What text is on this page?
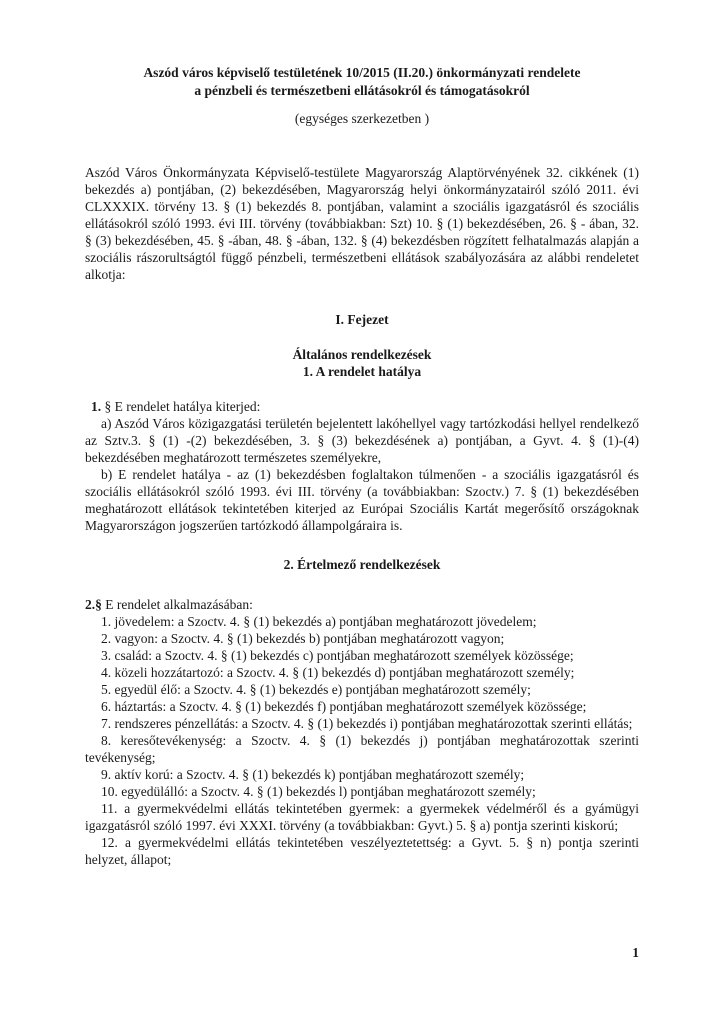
Aszód város képviselő testületének 10/2015 (II.20.) önkormányzati rendelete
a pénzbeli és természetbeni ellátásokról és támogatásokról
(egységes szerkezetben )

Aszód Város Önkormányzata Képviselő-testülete Magyarország Alaptörvényének 32. cikkének (1) bekezdés a) pontjában, (2) bekezdésében, Magyarország helyi önkormányzatairól szóló 2011. évi CLXXXIX. törvény 13. § (1) bekezdés 8. pontjában, valamint a szociális igazgatásról és szociális ellátásokról szóló 1993. évi III. törvény (továbbiakban: Szt) 10. § (1) bekezdésében, 26. § - ában, 32. § (3) bekezdésében, 45. § -ában, 48. § -ában, 132. § (4) bekezdésben rögzített felhatalmazás alapján a szociális rászorultságtól függő pénzbeli, természetbeni ellátások szabályozására az alábbi rendeletet alkotja:

I. Fejezet
Általános rendelkezések
1. A rendelet hatálya

1. § E rendelet hatálya kiterjed:

a) Aszód Város közigazgatási területén bejelentett lakóhellyel vagy tartózkodási hellyel rendelkező az Sztv.3. § (1) -(2) bekezdésében, 3. § (3) bekezdésének a) pontjában, a Gyvt. 4. § (1)-(4) bekezdésében meghatározott természetes személyekre,

b) E rendelet hatálya - az (1) bekezdésben foglaltakon túlmenően - a szociális igazgatásról és szociális ellátásokról szóló 1993. évi III. törvény (a továbbiakban: Szoctv.) 7. § (1) bekezdésében meghatározott ellátások tekintetében kiterjed az Európai Szociális Kartát megerősítő országoknak Magyarországon jogszerűen tartózkodó állampolgáraira is.

2. Értelmező rendelkezések

2.§ E rendelet alkalmazásában:

1. jövedelem: a Szoctv. 4. § (1) bekezdés a) pontjában meghatározott jövedelem;

2. vagyon: a Szoctv. 4. § (1) bekezdés b) pontjában meghatározott vagyon;

3. család: a Szoctv. 4. § (1) bekezdés c) pontjában meghatározott személyek közössége;

4. közeli hozzátartozó: a Szoctv. 4. § (1) bekezdés d) pontjában meghatározott személy;

5. egyedül élő: a Szoctv. 4. § (1) bekezdés e) pontjában meghatározott személy;

6. háztartás: a Szoctv. 4. § (1) bekezdés f) pontjában meghatározott személyek közössége;

7. rendszeres pénzellátás: a Szoctv. 4. § (1) bekezdés i) pontjában meghatározottak szerinti ellátás;

8. keresőtevékenység: a Szoctv. 4. § (1) bekezdés j) pontjában meghatározottak szerinti tevékenység;

9. aktív korú: a Szoctv. 4. § (1) bekezdés k) pontjában meghatározott személy;

10. egyedülálló: a Szoctv. 4. § (1) bekezdés l) pontjában meghatározott személy;

11. a gyermekvédelmi ellátás tekintetében gyermek: a gyermekek védelméről és a gyámügyi igazgatásról szóló 1997. évi XXXI. törvény (a továbbiakban: Gyvt.) 5. § a) pontja szerinti kiskorú;

12. a gyermekvédelmi ellátás tekintetében veszélyeztetettség: a Gyvt. 5. § n) pontja szerinti helyzet, állapot;

1
